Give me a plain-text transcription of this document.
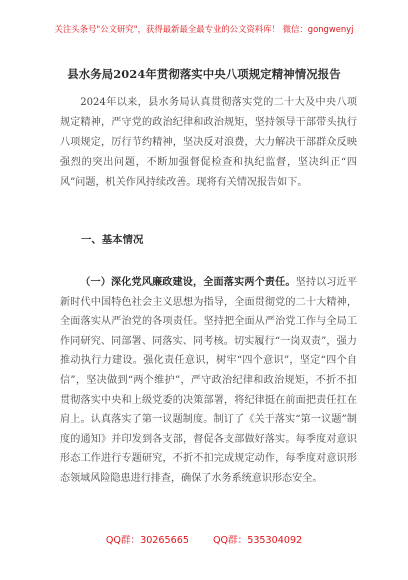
关注头条号"公文研究"，获得最新最全最专业的公文资料库！ 微信：gongwenyj
县水务局2024年贯彻落实中央八项规定精神情况报告

2024年以来，县水务局认真贯彻落实党的二十大及中央八项规定精神，严守党的政治纪律和政治规矩，坚持领导干部带头执行八项规定，厉行节约精神，坚决反对浪费，大力解决干部群众反映强烈的突出问题，不断加强督促检查和执纪监督，坚决纠正“四风”问题，机关作风持续改善。现将有关情况报告如下。

一、基本情况

（一）深化党风廉政建设，全面落实两个责任。坚持以习近平新时代中国特色社会主义思想为指导，全面贯彻党的二十大精神，全面落实从严治党的各项责任。坚持把全面从严治党工作与全局工作同研究、同部署、同落实、同考核。切实履行“一岗双责”，强力推动执行力建设。强化责任意识，树牢“四个意识”，坚定“四个自信”，坚决做到“两个维护”，严守政治纪律和政治规矩，不折不扣贯彻落实中央和上级党委的决策部署，将纪律挺在前面把责任扛在肩上。认真落实了第一议题制度。制订了《关于落实“第一议题”制度的通知》并印发到各支部，督促各支部做好落实。每季度对意识形态工作进行专题研究，不折不扣完成规定动作，每季度对意识形态领域风险隐患进行排查，确保了水务系统意识形态安全。

QQ群：30265665	QQ群：535304092
